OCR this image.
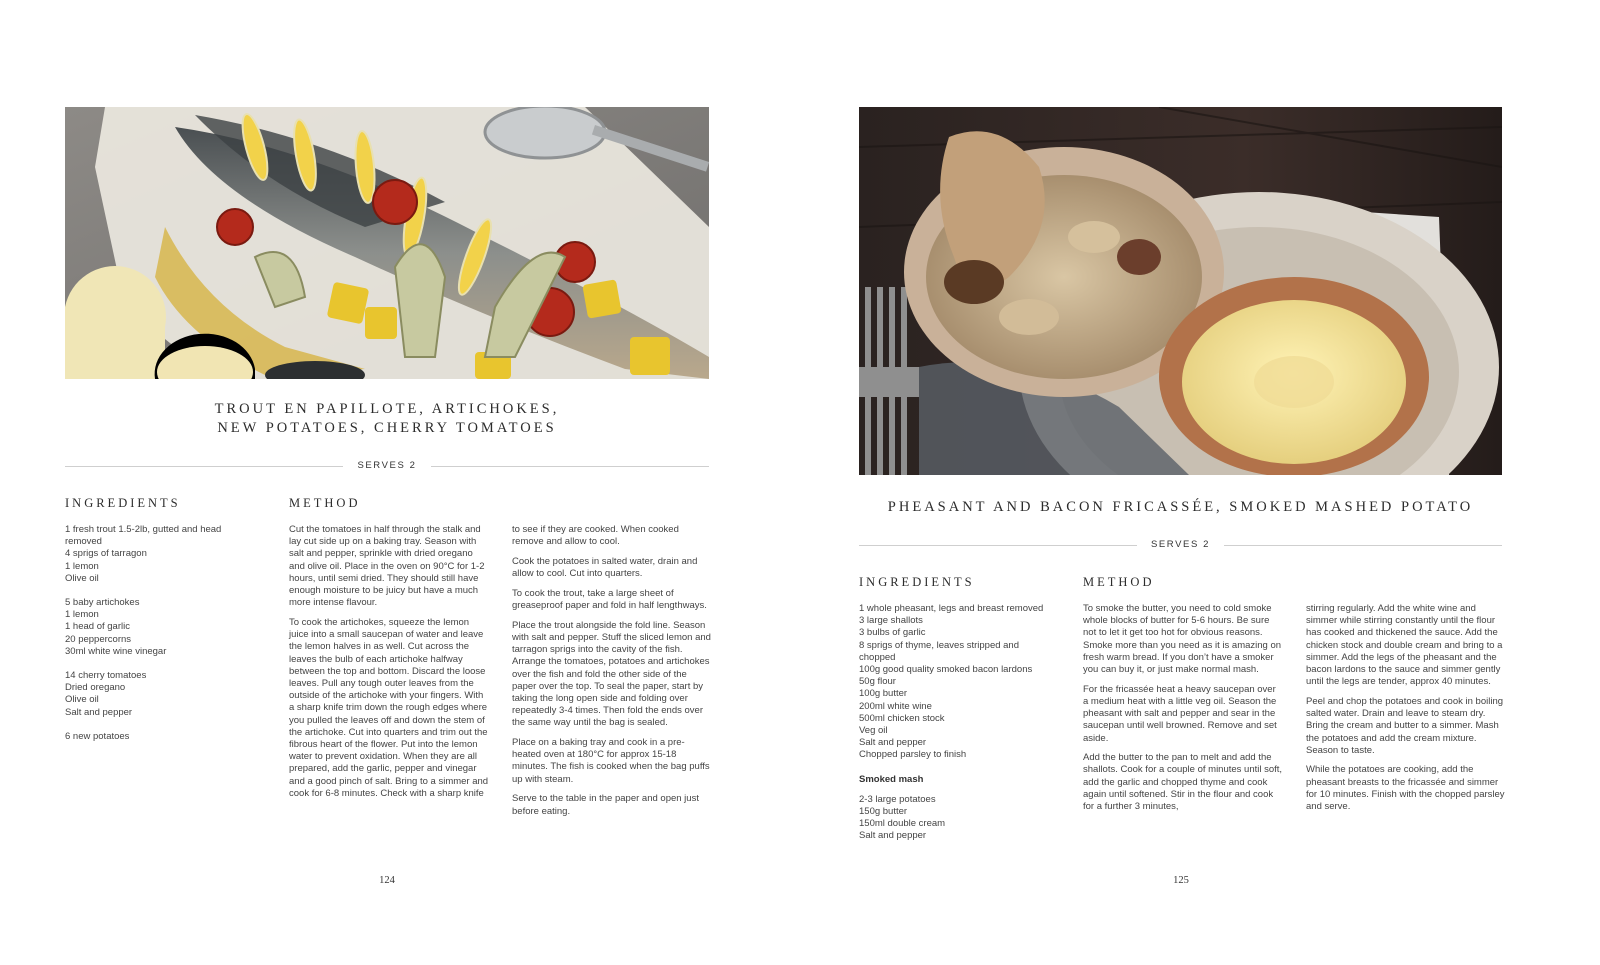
TROUT EN PAPILLOTE, ARTICHOKES,
NEW POTATOES, CHERRY TOMATOES
SERVES 2
INGREDIENTS	METHOD
1 fresh trout 1.5-2lb, gutted and head
removed
4 sprigs of tarragon
1 lemon
Olive oil
5 baby artichokes
1 lemon
1 head of garlic
20 peppercorns
30ml white wine vinegar
14 cherry tomatoes
Dried oregano
Olive oil
Salt and pepper
6 new potatoes

Cut the tomatoes in half through the stalk and lay cut side up on a baking tray. Season with salt and pepper, sprinkle with dried oregano and olive oil. Place in the oven on 90°C for 1-2 hours, until semi dried. They should still have enough moisture to be juicy but have a much more intense flavour.

To cook the artichokes, squeeze the lemon juice into a small saucepan of water and leave the lemon halves in as well. Cut across the leaves the bulb of each artichoke halfway between the top and bottom. Discard the loose leaves. Pull any tough outer leaves from the outside of the artichoke with your fingers. With a sharp knife trim down the rough edges where you pulled the leaves off and down the stem of the artichoke. Cut into quarters and trim out the fibrous heart of the flower. Put into the lemon water to prevent oxidation. When they are all prepared, add the garlic, pepper and vinegar and a good pinch of salt. Bring to a simmer and cook for 6-8 minutes. Check with a sharp knife

to see if they are cooked. When cooked remove and allow to cool.

Cook the potatoes in salted water, drain and allow to cool. Cut into quarters.

To cook the trout, take a large sheet of greaseproof paper and fold in half lengthways.

Place the trout alongside the fold line. Season with salt and pepper. Stuff the sliced lemon and tarragon sprigs into the cavity of the fish. Arrange the tomatoes, potatoes and artichokes over the fish and fold the other side of the paper over the top. To seal the paper, start by taking the long open side and folding over repeatedly 3-4 times. Then fold the ends over the same way until the bag is sealed.

Place on a baking tray and cook in a pre-heated oven at 180°C for approx 15-18 minutes. The fish is cooked when the bag puffs up with steam.

Serve to the table in the paper and open just before eating.

124
PHEASANT AND BACON FRICASSÉE, SMOKED MASHED POTATO
SERVES 2
INGREDIENTS	METHOD
1 whole pheasant, legs and breast removed
3 large shallots
3 bulbs of garlic
8 sprigs of thyme, leaves stripped and
chopped
100g good quality smoked bacon lardons
50g flour
100g butter
200ml white wine
500ml chicken stock
Veg oil
Salt and pepper
Chopped parsley to finish
Smoked mash
2-3 large potatoes
150g butter
150ml double cream
Salt and pepper

To smoke the butter, you need to cold smoke whole blocks of butter for 5-6 hours. Be sure not to let it get too hot for obvious reasons. Smoke more than you need as it is amazing on fresh warm bread. If you don’t have a smoker you can buy it, or just make normal mash.

For the fricassée heat a heavy saucepan over a medium heat with a little veg oil. Season the pheasant with salt and pepper and sear in the saucepan until well browned. Remove and set aside.

Add the butter to the pan to melt and add the shallots. Cook for a couple of minutes until soft, add the garlic and chopped thyme and cook again until softened. Stir in the flour and cook for a further 3 minutes,

stirring regularly. Add the white wine and simmer while stirring constantly until the flour has cooked and thickened the sauce. Add the chicken stock and double cream and bring to a simmer. Add the legs of the pheasant and the bacon lardons to the sauce and simmer gently until the legs are tender, approx 40 minutes.

Peel and chop the potatoes and cook in boiling salted water. Drain and leave to steam dry. Bring the cream and butter to a simmer. Mash the potatoes and add the cream mixture. Season to taste.

While the potatoes are cooking, add the pheasant breasts to the fricassée and simmer for 10 minutes. Finish with the chopped parsley and serve.

125
